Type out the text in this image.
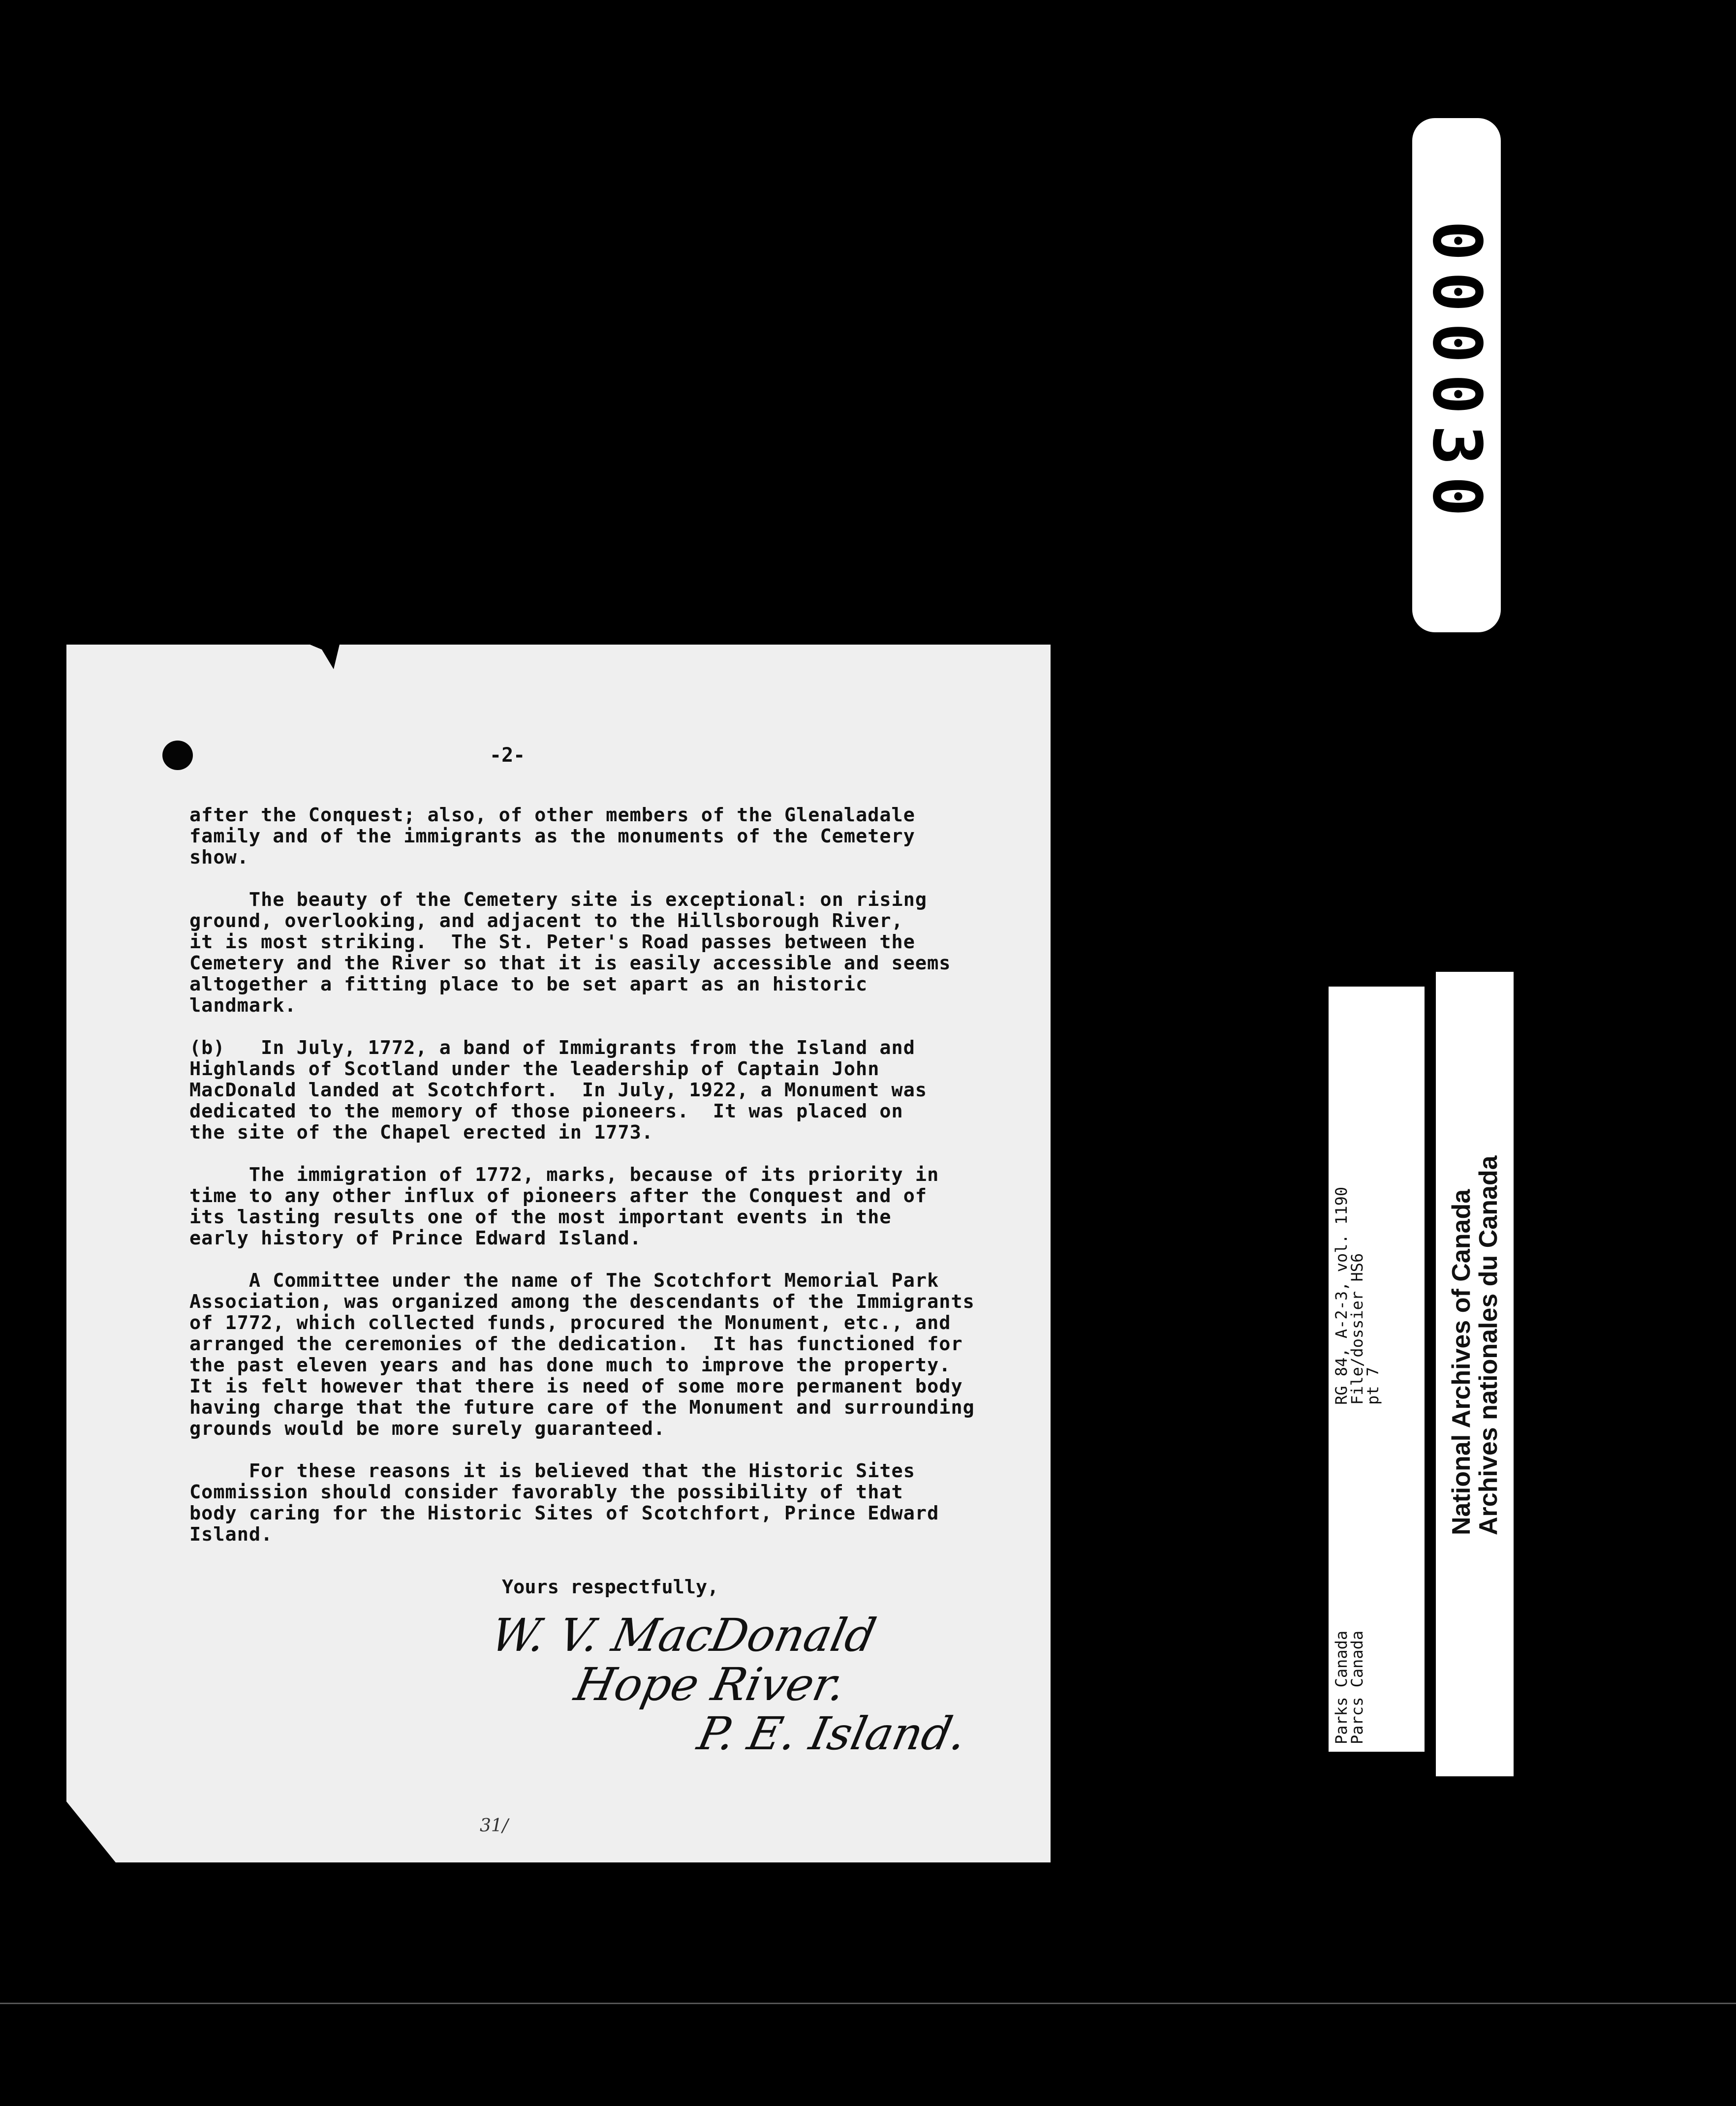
-2-

after the Conquest; also, of other members of the Glenaladale
family and of the immigrants as the monuments of the Cemetery
show.

The beauty of the Cemetery site is exceptional: on rising
ground, overlooking, and adjacent to the Hillsborough River,
it is most striking.  The St. Peter's Road passes between the
Cemetery and the River so that it is easily accessible and seems
altogether a fitting place to be set apart as an historic
landmark.

(b)   In July, 1772, a band of Immigrants from the Island and
Highlands of Scotland under the leadership of Captain John
MacDonald landed at Scotchfort.  In July, 1922, a Monument was
dedicated to the memory of those pioneers.  It was placed on
the site of the Chapel erected in 1773.

The immigration of 1772, marks, because of its priority in
time to any other influx of pioneers after the Conquest and of
its lasting results one of the most important events in the
early history of Prince Edward Island.

A Committee under the name of The Scotchfort Memorial Park
Association, was organized among the descendants of the Immigrants
of 1772, which collected funds, procured the Monument, etc., and
arranged the ceremonies of the dedication.  It has functioned for
the past eleven years and has done much to improve the property.
It is felt however that there is need of some more permanent body
having charge that the future care of the Monument and surrounding
grounds would be more surely guaranteed.

For these reasons it is believed that the Historic Sites
Commission should consider favorably the possibility of that
body caring for the Historic Sites of Scotchfort, Prince Edward
Island.

Yours respectfully,
W. V. MacDonald
Hope River.
P. E. Island.
31/
000030
RG 84, A-2-3, vol. 1190
File/dossier HS6
pt 7
Parks Canada
Parcs Canada
National Archives of Canada
Archives nationales du Canada
